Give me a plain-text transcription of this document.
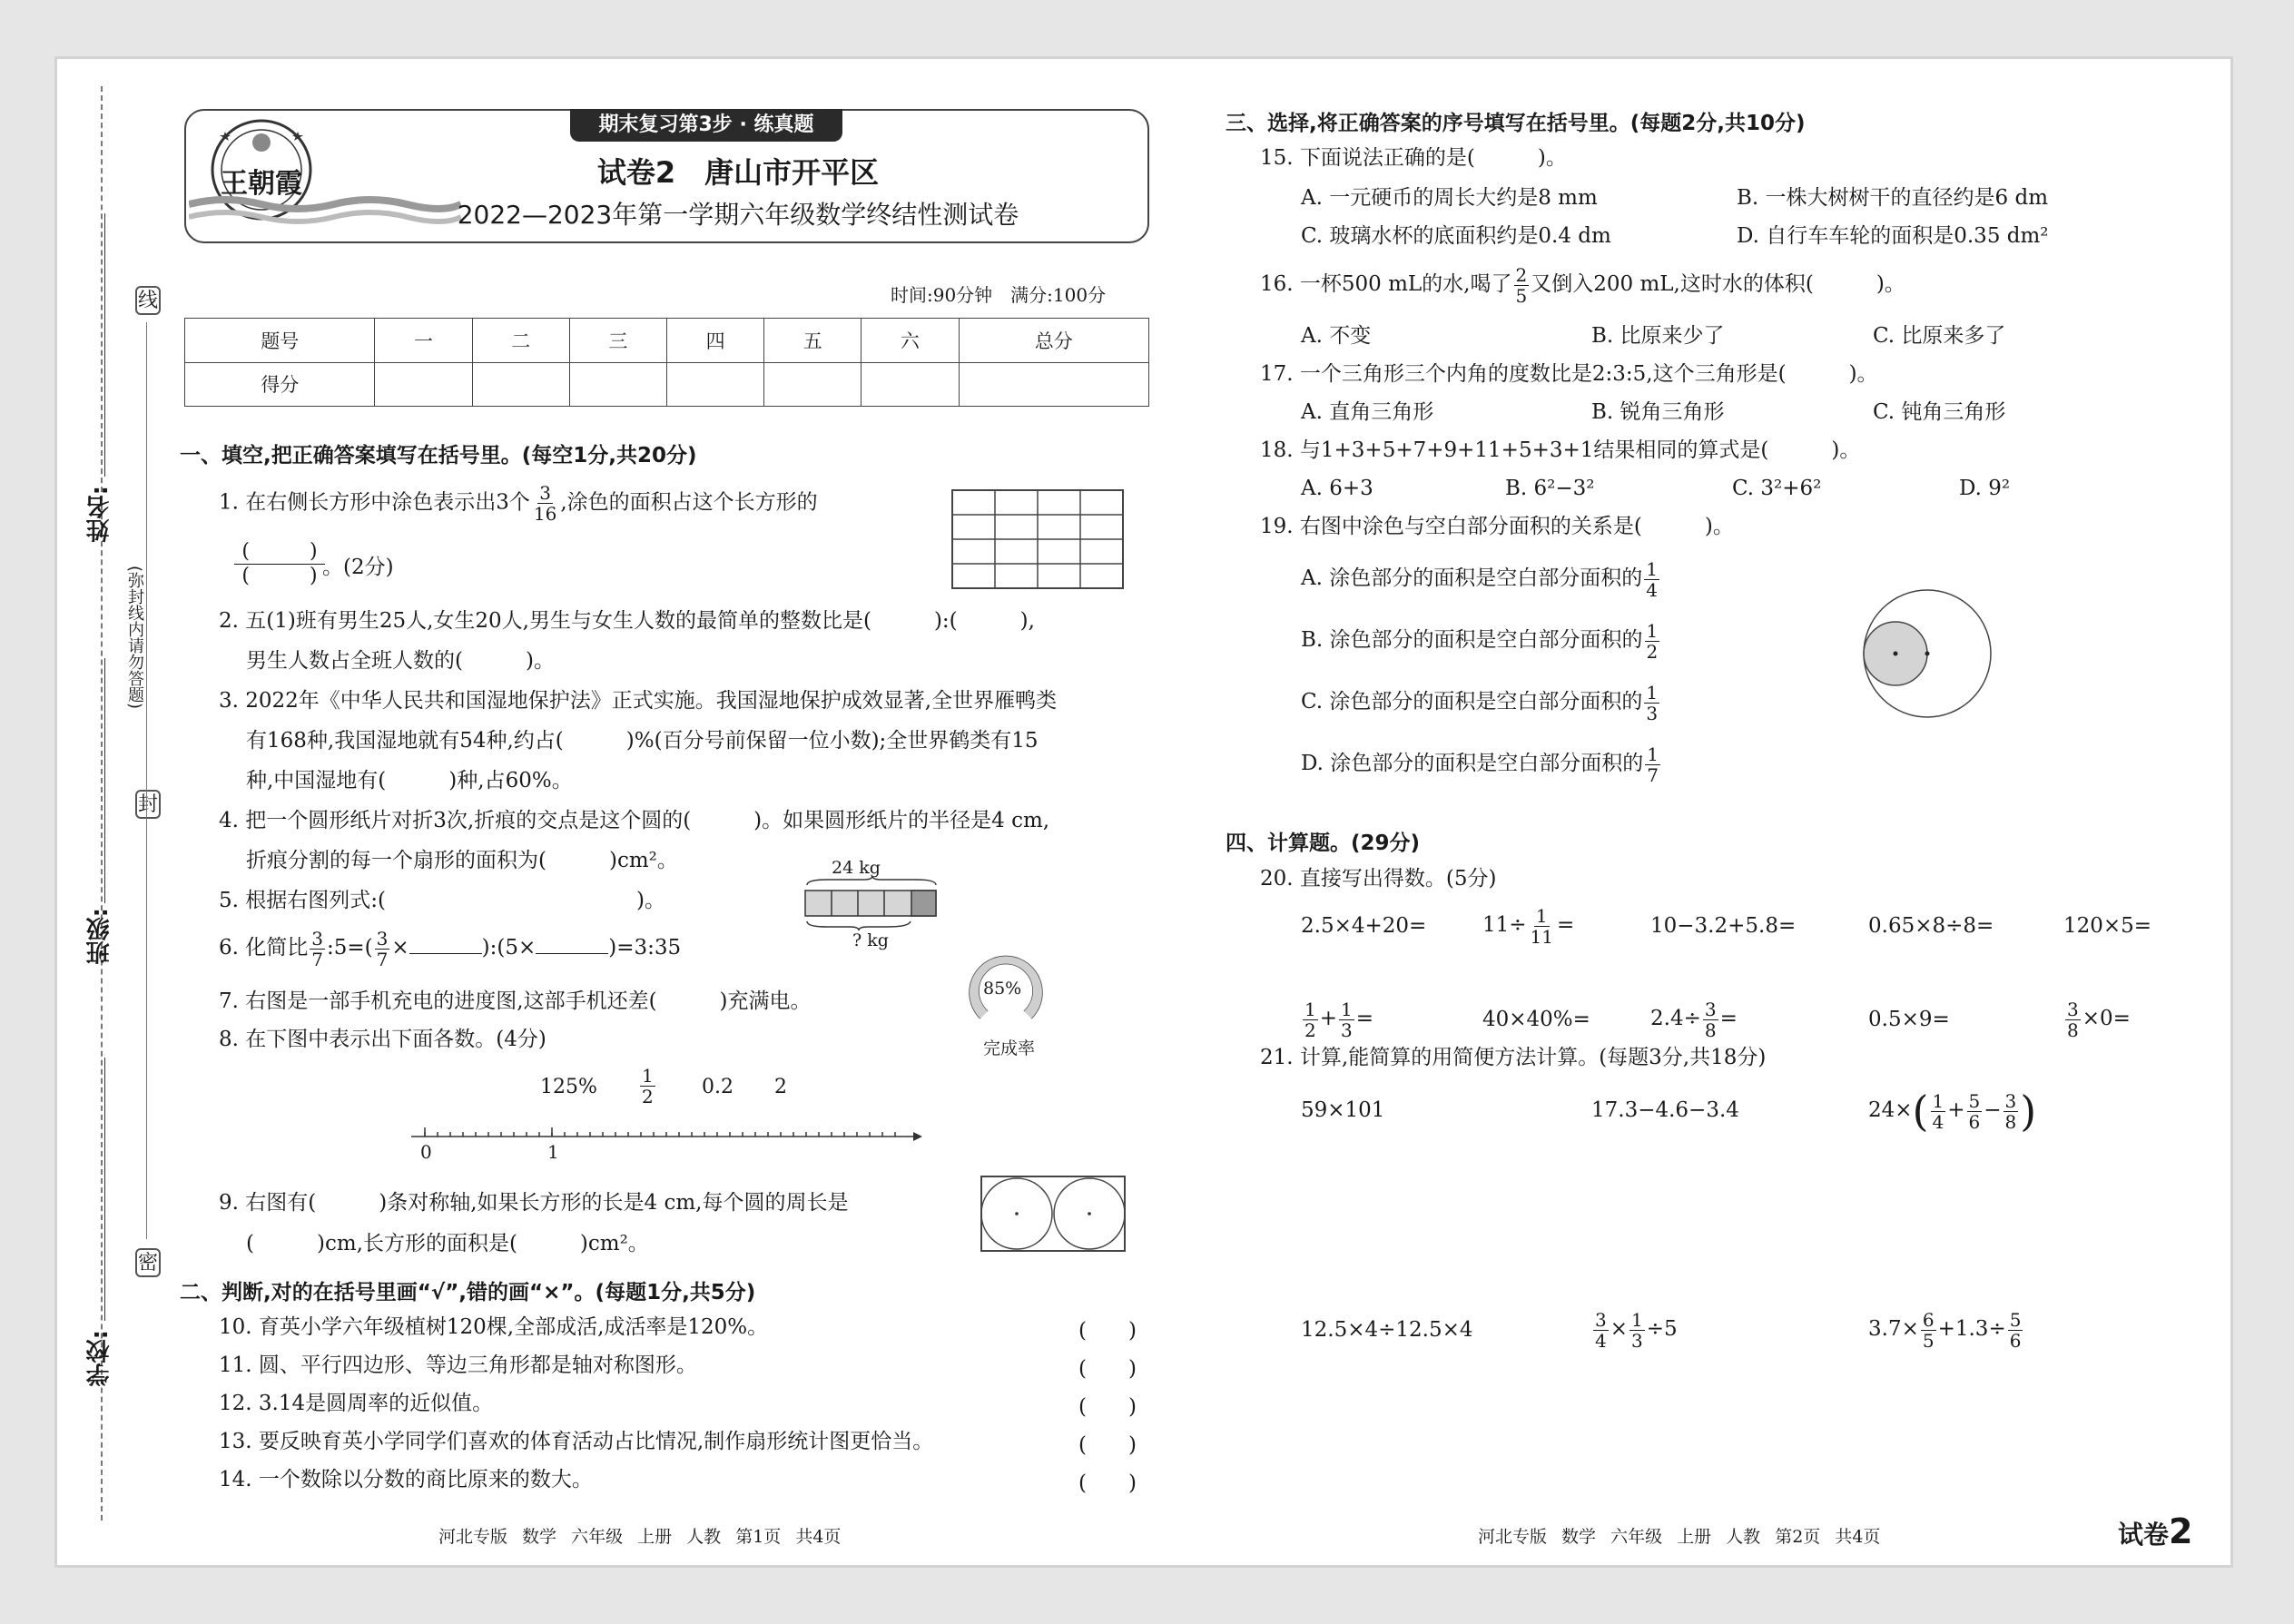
线
封
密
(弥封线内请勿答题)
姓名:
班级:
学校:
期末复习第3步 · 练真题
王朝霞	试卷2　唐山市开平区
2022—2023年第一学期六年级数学终结性测试卷
时间:90分钟　满分:100分
题号	一	二	三	四	五	六	总分
得分							
一、填空,把正确答案填写在括号里。(每空1分,共20分)
1. 在右侧长方形中涂色表示出3个 $\frac{3}{16}$ ,涂色的面积占这个长方形的
(　　　)
(　　　) 。(2分)
2. 五(1)班有男生25人,女生20人,男生与女生人数的最简单的整数比是(　　　):(　　　),
男生人数占全班人数的(　　　)。
3. 2022年《中华人民共和国湿地保护法》正式实施。我国湿地保护成效显著,全世界雁鸭类
有168种,我国湿地就有54种,约占(　　　)%(百分号前保留一位小数);全世界鹤类有15
种,中国湿地有(　　　)种,占60%。
4. 把一个圆形纸片对折3次,折痕的交点是这个圆的(　　　)。如果圆形纸片的半径是4 cm,
折痕分割的每一个扇形的面积为(　　　)cm²。
5. 根据右图列式:(　　　　　　　　　　　　)。
24 kg
? kg
6. 化简比 $\frac{3}{7}$ :5=( $\frac{3}{7}$ ×	):(5×	)=3:35
85%
完成率
7. 右图是一部手机充电的进度图,这部手机还差(　　　)充满电。
8. 在下图中表示出下面各数。(4分)
$125\% \frac{1}{2} 0.2$ 2
0	1
9. 右图有(　　　)条对称轴,如果长方形的长是4 cm,每个圆的周长是
(　　　)cm,长方形的面积是(　　　)cm²。
二、判断,对的在括号里画“√”,错的画“×”。(每题1分,共5分)
10. 育英小学六年级植树120棵,全部成活,成活率是120%。	(　　)
11. 圆、平行四边形、等边三角形都是轴对称图形。	(　　)
12. 3.14是圆周率的近似值。	(　　)
13. 要反映育英小学同学们喜欢的体育活动占比情况,制作扇形统计图更恰当。	(　　)
14. 一个数除以分数的商比原来的数大。	(　　)
河北专版 数学 六年级 上册 人教 第1页 共4页
三、选择,将正确答案的序号填写在括号里。(每题2分,共10分)
15. 下面说法正确的是(　　　)。
A. 一元硬币的周长大约是8 mm	B. 一株大树树干的直径约是6 dm
C. 玻璃水杯的底面积约是0.4 dm	D. 自行车车轮的面积是0.35 dm²
16. 一杯500 mL的水,喝了 $\frac{2}{5}$ 又倒入200 mL,这时水的体积(　　　)。
A. 不变	B. 比原来少了	C. 比原来多了
17. 一个三角形三个内角的度数比是2:3:5,这个三角形是(　　　)。
A. 直角三角形	B. 锐角三角形	C. 钝角三角形
18. 与1+3+5+7+9+11+5+3+1结果相同的算式是(　　　)。
A. 6+3	B. 6²−3²	C. 3²+6²	D. 9²
19. 右图中涂色与空白部分面积的关系是(　　　)。
A. 涂色部分的面积是空白部分面积的 $\frac{1}{4}$
B. 涂色部分的面积是空白部分面积的 $\frac{1}{2}$
C. 涂色部分的面积是空白部分面积的 $\frac{1}{3}$
D. 涂色部分的面积是空白部分面积的 $\frac{1}{7}$
四、计算题。(29分)
20. 直接写出得数。(5分)
2.5×4+20=	$11\div \frac{1}{11}$ =	10−3.2+5.8=	0.65×8÷8=	120×5=
$\frac{1}{2} + \frac{1}{3}$ =	40×40%=	$2.4\div \frac{3}{8}$ =	0.5×9=	$\frac{3}{8} \times 0=$
21. 计算,能简算的用简便方法计算。(每题3分,共18分)
59×101	17.3−4.6−3.4	$24\times( \frac{1}{4} + \frac{5}{6} - \frac{3}{8}$ )
12.5×4÷12.5×4	$\frac{3}{4} \times \frac{1}{3} \div 5$	$3.7\times \frac{6}{5} +1.3\div \frac{5}{6}$
河北专版 数学 六年级 上册 人教 第2页 共4页	试卷2
